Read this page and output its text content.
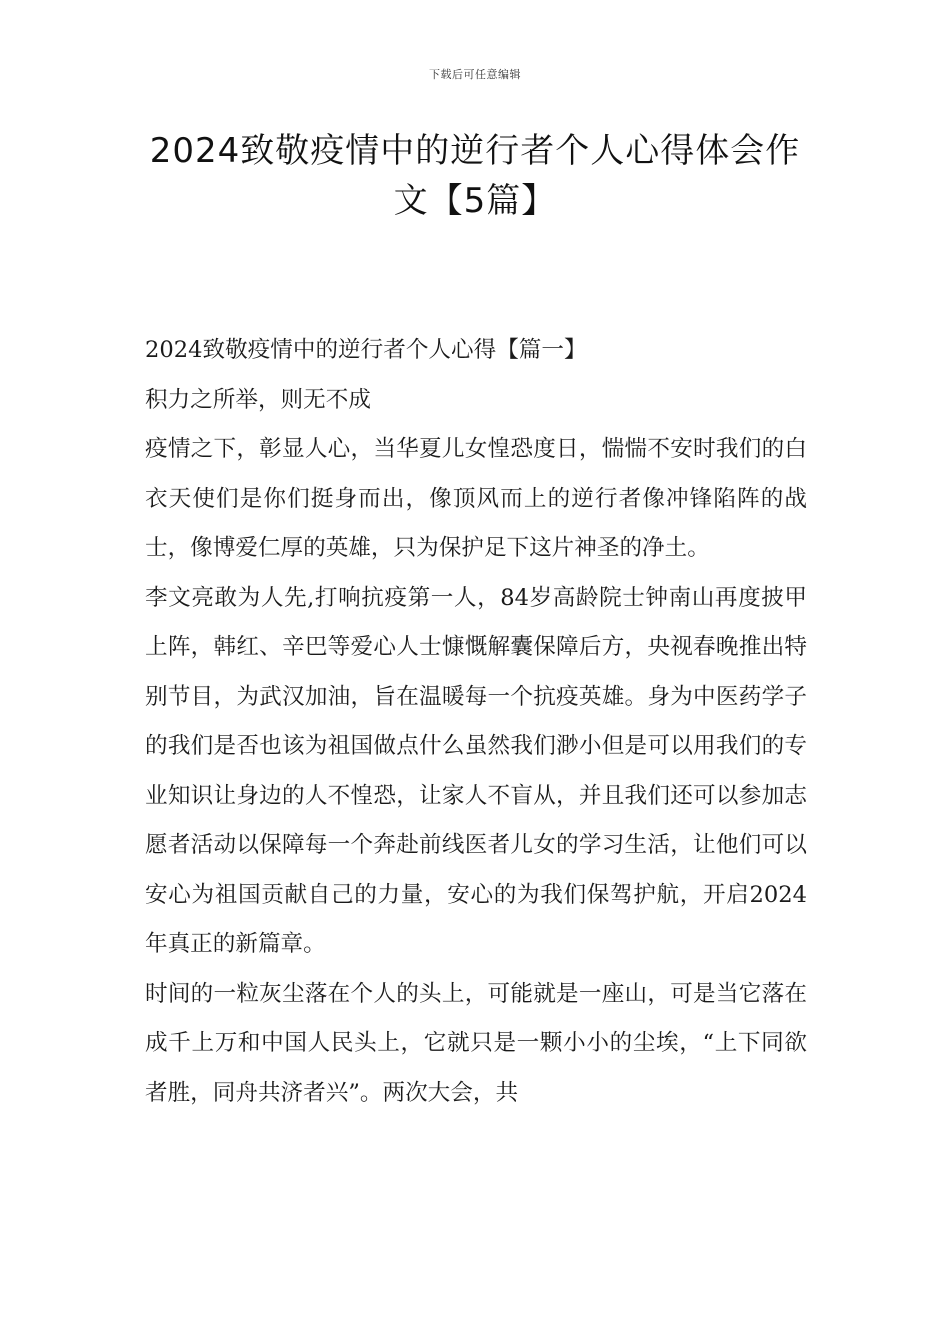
下载后可任意编辑
2024致敬疫情中的逆行者个人心得体会作文【5篇】

2024致敬疫情中的逆行者个人心得【篇一】

积力之所举，则无不成

疫情之下，彰显人心，当华夏儿女惶恐度日，惴惴不安时我们的白衣天使们是你们挺身而出，像顶风而上的逆行者像冲锋陷阵的战士，像博爱仁厚的英雄，只为保护足下这片神圣的净土。

李文亮敢为人先,打响抗疫第一人，84岁高龄院士钟南山再度披甲上阵，韩红、辛巴等爱心人士慷慨解囊保障后方，央视春晚推出特别节目，为武汉加油，旨在温暖每一个抗疫英雄。身为中医药学子的我们是否也该为祖国做点什么虽然我们渺小但是可以用我们的专业知识让身边的人不惶恐，让家人不盲从，并且我们还可以参加志愿者活动以保障每一个奔赴前线医者儿女的学习生活，让他们可以安心为祖国贡献自己的力量，安心的为我们保驾护航，开启2024年真正的新篇章。

时间的一粒灰尘落在个人的头上，可能就是一座山，可是当它落在成千上万和中国人民头上，它就只是一颗小小的尘埃，“上下同欲者胜，同舟共济者兴”。两次大会，共
